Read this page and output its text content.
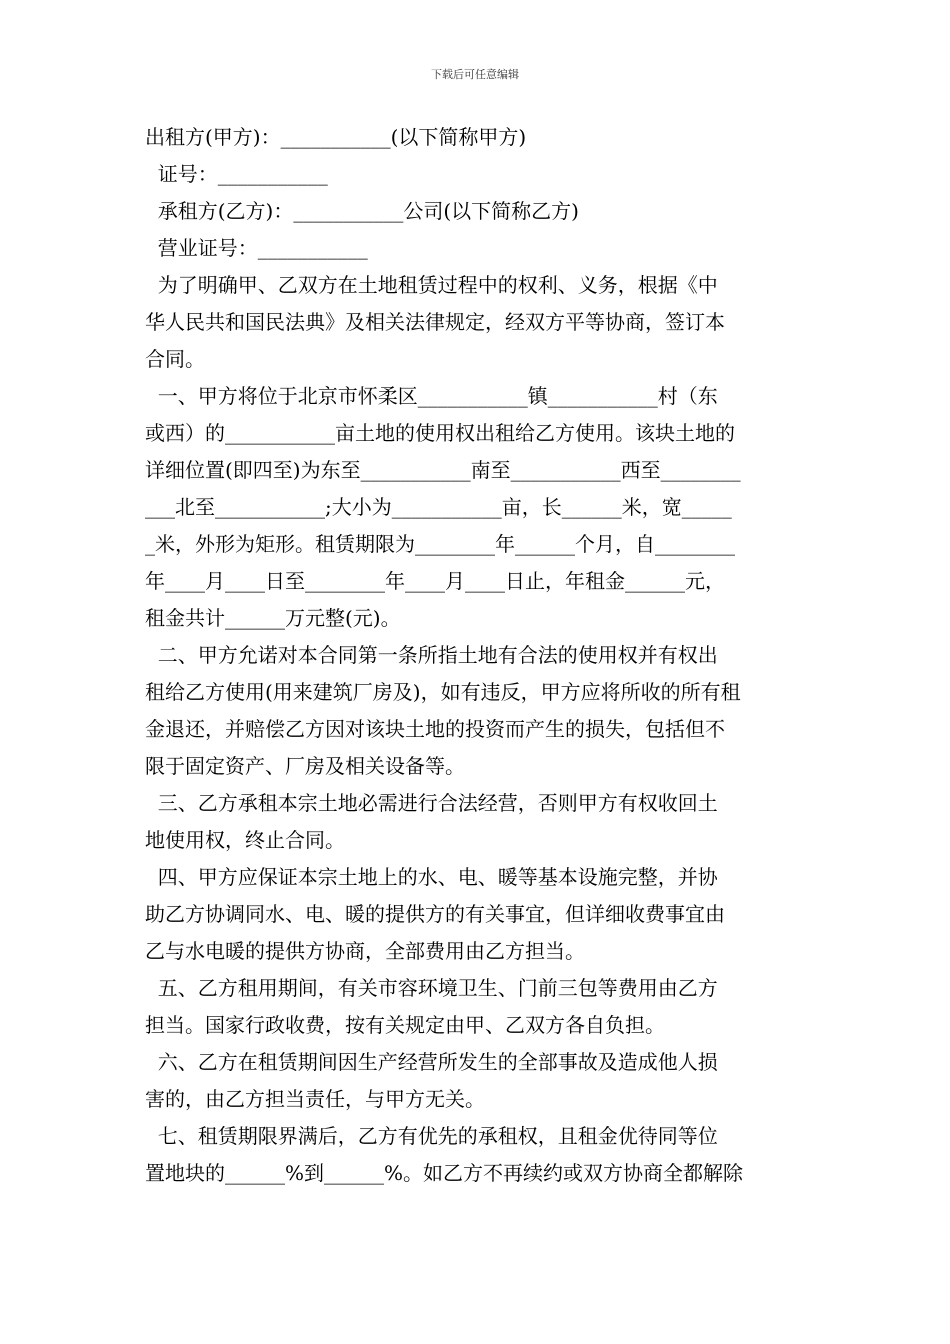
下载后可任意编辑
出租方(甲方)：___________(以下简称甲方)
证号：___________
承租方(乙方)：___________公司(以下简称乙方)
营业证号：___________
为了明确甲、乙双方在土地租赁过程中的权利、义务，根据《中
华人民共和国民法典》及相关法律规定，经双方平等协商，签订本
合同。
一、甲方将位于北京市怀柔区___________镇___________村（东
或西）的___________亩土地的使用权出租给乙方使用。该块土地的
详细位置(即四至)为东至___________南至___________西至________
___北至___________;大小为___________亩，长______米，宽_____
_米，外形为矩形。租赁期限为________年______个月，自________
年____月____日至________年____月____日止，年租金______元，
租金共计______万元整(元)。
二、甲方允诺对本合同第一条所指土地有合法的使用权并有权出
租给乙方使用(用来建筑厂房及)，如有违反，甲方应将所收的所有租
金退还，并赔偿乙方因对该块土地的投资而产生的损失，包括但不
限于固定资产、厂房及相关设备等。
三、乙方承租本宗土地必需进行合法经营，否则甲方有权收回土
地使用权，终止合同。
四、甲方应保证本宗土地上的水、电、暖等基本设施完整，并协
助乙方协调同水、电、暖的提供方的有关事宜，但详细收费事宜由
乙与水电暖的提供方协商，全部费用由乙方担当。
五、乙方租用期间，有关市容环境卫生、门前三包等费用由乙方
担当。国家行政收费，按有关规定由甲、乙双方各自负担。
六、乙方在租赁期间因生产经营所发生的全部事故及造成他人损
害的，由乙方担当责任，与甲方无关。
七、租赁期限界满后，乙方有优先的承租权，且租金优待同等位
置地块的______%到______%。如乙方不再续约或双方协商全都解除
